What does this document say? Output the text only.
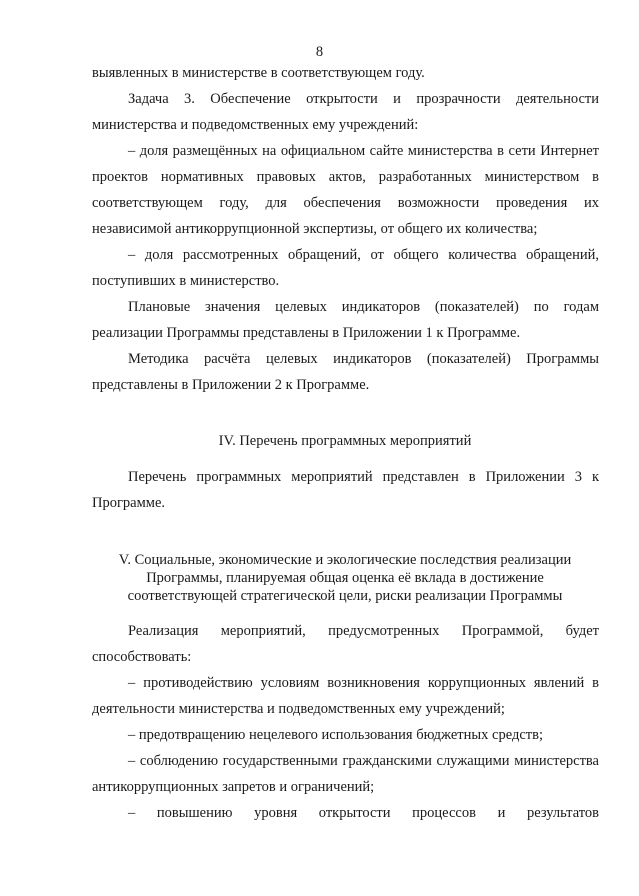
8

выявленных в министерстве в соответствующем году.

Задача 3. Обеспечение открытости и прозрачности деятельности министерства и подведомственных ему учреждений:

– доля размещённых на официальном сайте министерства в сети Интернет проектов нормативных правовых актов, разработанных министерством в соответствующем году, для обеспечения возможности проведения их независимой антикоррупционной экспертизы, от общего их количества;

– доля рассмотренных обращений, от общего количества обращений, поступивших в министерство.

Плановые значения целевых индикаторов (показателей) по годам реализации Программы представлены в Приложении 1 к Программе.

Методика расчёта целевых индикаторов (показателей) Программы представлены в Приложении 2 к Программе.

IV. Перечень программных мероприятий

Перечень программных мероприятий представлен в Приложении 3 к Программе.

V. Социальные, экономические и экологические последствия реализации
Программы, планируемая общая оценка её вклада в достижение
соответствующей стратегической цели, риски реализации Программы

Реализация мероприятий, предусмотренных Программой, будет способствовать:

– противодействию условиям возникновения коррупционных явлений в деятельности министерства и подведомственных ему учреждений;

– предотвращению нецелевого использования бюджетных средств;

– соблюдению государственными гражданскими служащими министерства антикоррупционных запретов и ограничений;

– повышению уровня открытости процессов и результатов
